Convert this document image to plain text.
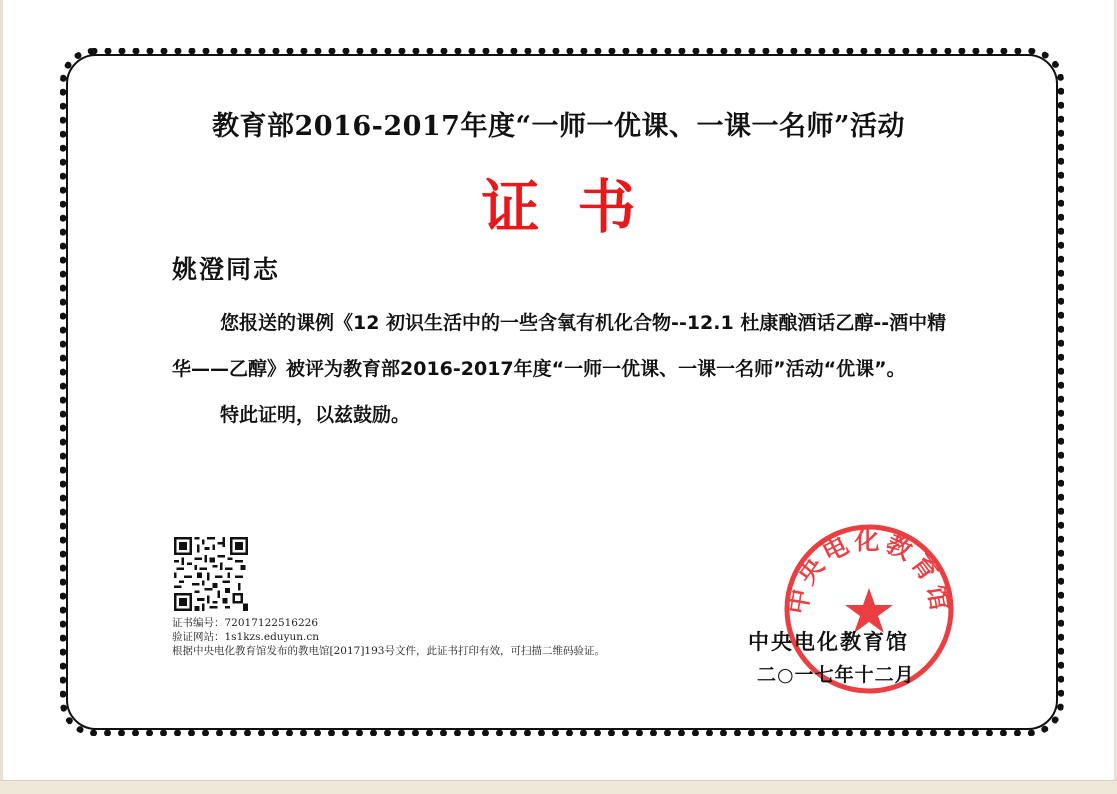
教育部2016-2017年度“一师一优课、一课一名师”活动
证书
姚澄同志

您报送的课例《12 初识生活中的一些含氧有机化合物--12.1 杜康酿酒话乙醇--酒中精华——乙醇》被评为教育部2016-2017年度“一师一优课、一课一名师”活动“优课”。

特此证明，以兹鼓励。

证书编号：72017122516226
验证网站：1s1kzs.eduyun.cn
根据中央电化教育馆发布的教电馆[2017]193号文件，此证书打印有效，可扫描二维码验证。
中央电化教育馆
中央电化教育馆
二○一七年十二月
